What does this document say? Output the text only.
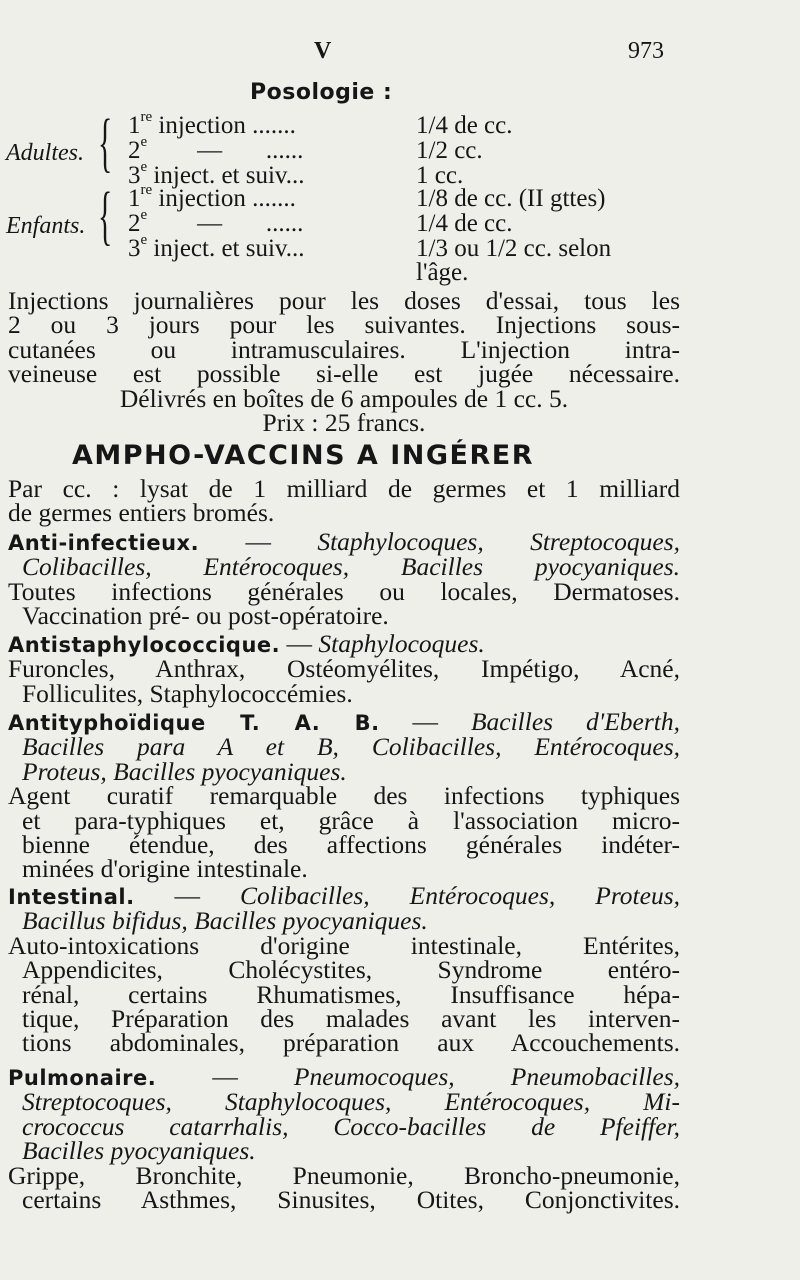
V	973
Posologie :
Adultes. { 1re injection .......	1/4 de cc.
2e        —       ......	1/2 cc.
3e inject. et suiv...	1 cc.
Enfants. { 1re injection .......	1/8 de cc. (II gttes)
2e        —       ......	1/4 de cc.
3e inject. et suiv...	1/3 ou 1/2 cc. selon
l'âge.
Injections journalières pour les doses d'essai, tous les
2 ou 3 jours pour les suivantes. Injections sous-
cutanées ou intramusculaires. L'injection intra-
veineuse est possible si-elle est jugée nécessaire.
Délivrés en boîtes de 6 ampoules de 1 cc. 5.
Prix : 25 francs.
AMPHO-VACCINS A INGÉRER
Par cc. : lysat de 1 milliard de germes et 1 milliard
de germes entiers bromés.
Anti-infectieux. — Staphylocoques, Streptocoques,
Colibacilles, Entérocoques, Bacilles pyocyaniques.
Toutes infections générales ou locales, Dermatoses.
Vaccination pré- ou post-opératoire.
Antistaphylococcique. — Staphylocoques.
Furoncles, Anthrax, Ostéomyélites, Impétigo, Acné,
Folliculites, Staphylococcémies.
Antityphoïdique T. A. B. — Bacilles d'Eberth,
Bacilles para A et B, Colibacilles, Entérocoques,
Proteus, Bacilles pyocyaniques.
Agent curatif remarquable des infections typhiques
et para-typhiques et, grâce à l'association micro-
bienne étendue, des affections générales indéter-
minées d'origine intestinale.
Intestinal. — Colibacilles, Entérocoques, Proteus,
Bacillus bifidus, Bacilles pyocyaniques.
Auto-intoxications d'origine intestinale, Entérites,
Appendicites, Cholécystites, Syndrome entéro-
rénal, certains Rhumatismes, Insuffisance hépa-
tique, Préparation des malades avant les interven-
tions abdominales, préparation aux Accouchements.
Pulmonaire. — Pneumocoques, Pneumobacilles,
Streptocoques, Staphylocoques, Entérocoques, Mi-
crococcus catarrhalis, Cocco-bacilles de Pfeiffer,
Bacilles pyocyaniques.
Grippe, Bronchite, Pneumonie, Broncho-pneumonie,
certains Asthmes, Sinusites, Otites, Conjonctivites.
